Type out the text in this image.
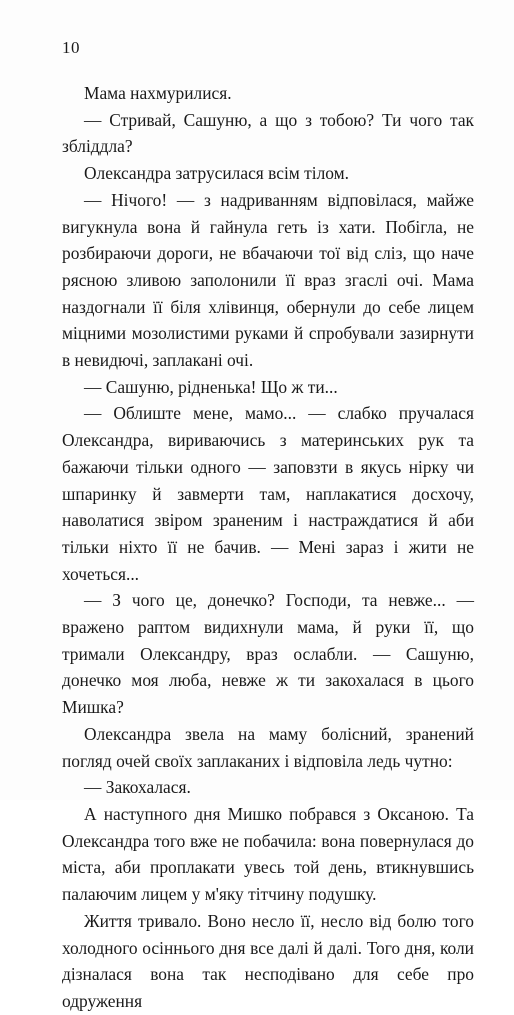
10

Мама нахмурилися.

— Стривай, Сашуню, а що з тобою? Ти чого так збліддла?

Олександра затрусилася всім тілом.

— Нічого! — з надриванням відповілася, майже вигукнула вона й гайнула геть із хати. Побігла, не розбираючи дороги, не вбачаючи тої від сліз, що наче рясною зливою заполонили її враз згаслі очі. Мама наздогнали її біля хлівинця, обернули до себе лицем міцними мозолистими руками й спробували зазирнути в невидючі, заплакані очі.

— Сашуню, рідненька! Що ж ти...

— Облиште мене, мамо... — слабко пручалася Олександра, вириваючись з материнських рук та бажаючи тільки одного — заповзти в якусь нірку чи шпаринку й завмерти там, наплакатися досхочу, наволатися звіром зраненим і настраждатися й аби тільки ніхто її не бачив. — Мені зараз і жити не хочеться...

— З чого це, донечко? Господи, та невже... — вражено раптом видихнули мама, й руки її, що тримали Олександру, враз ослабли. — Сашуню, донечко моя люба, невже ж ти закохалася в цього Мишка?

Олександра звела на маму болісний, зранений погляд очей своїх заплаканих і відповіла ледь чутно:

— Закохалася.

А наступного дня Мишко побрався з Оксаною. Та Олександра того вже не побачила: вона повернулася до міста, аби проплакати увесь той день, втикнувшись палаючим лицем у м'яку тітчину подушку.

Життя тривало. Воно несло її, несло від болю того холодного осіннього дня все далі й далі. Того дня, коли дізналася вона так несподівано для себе про одруження
